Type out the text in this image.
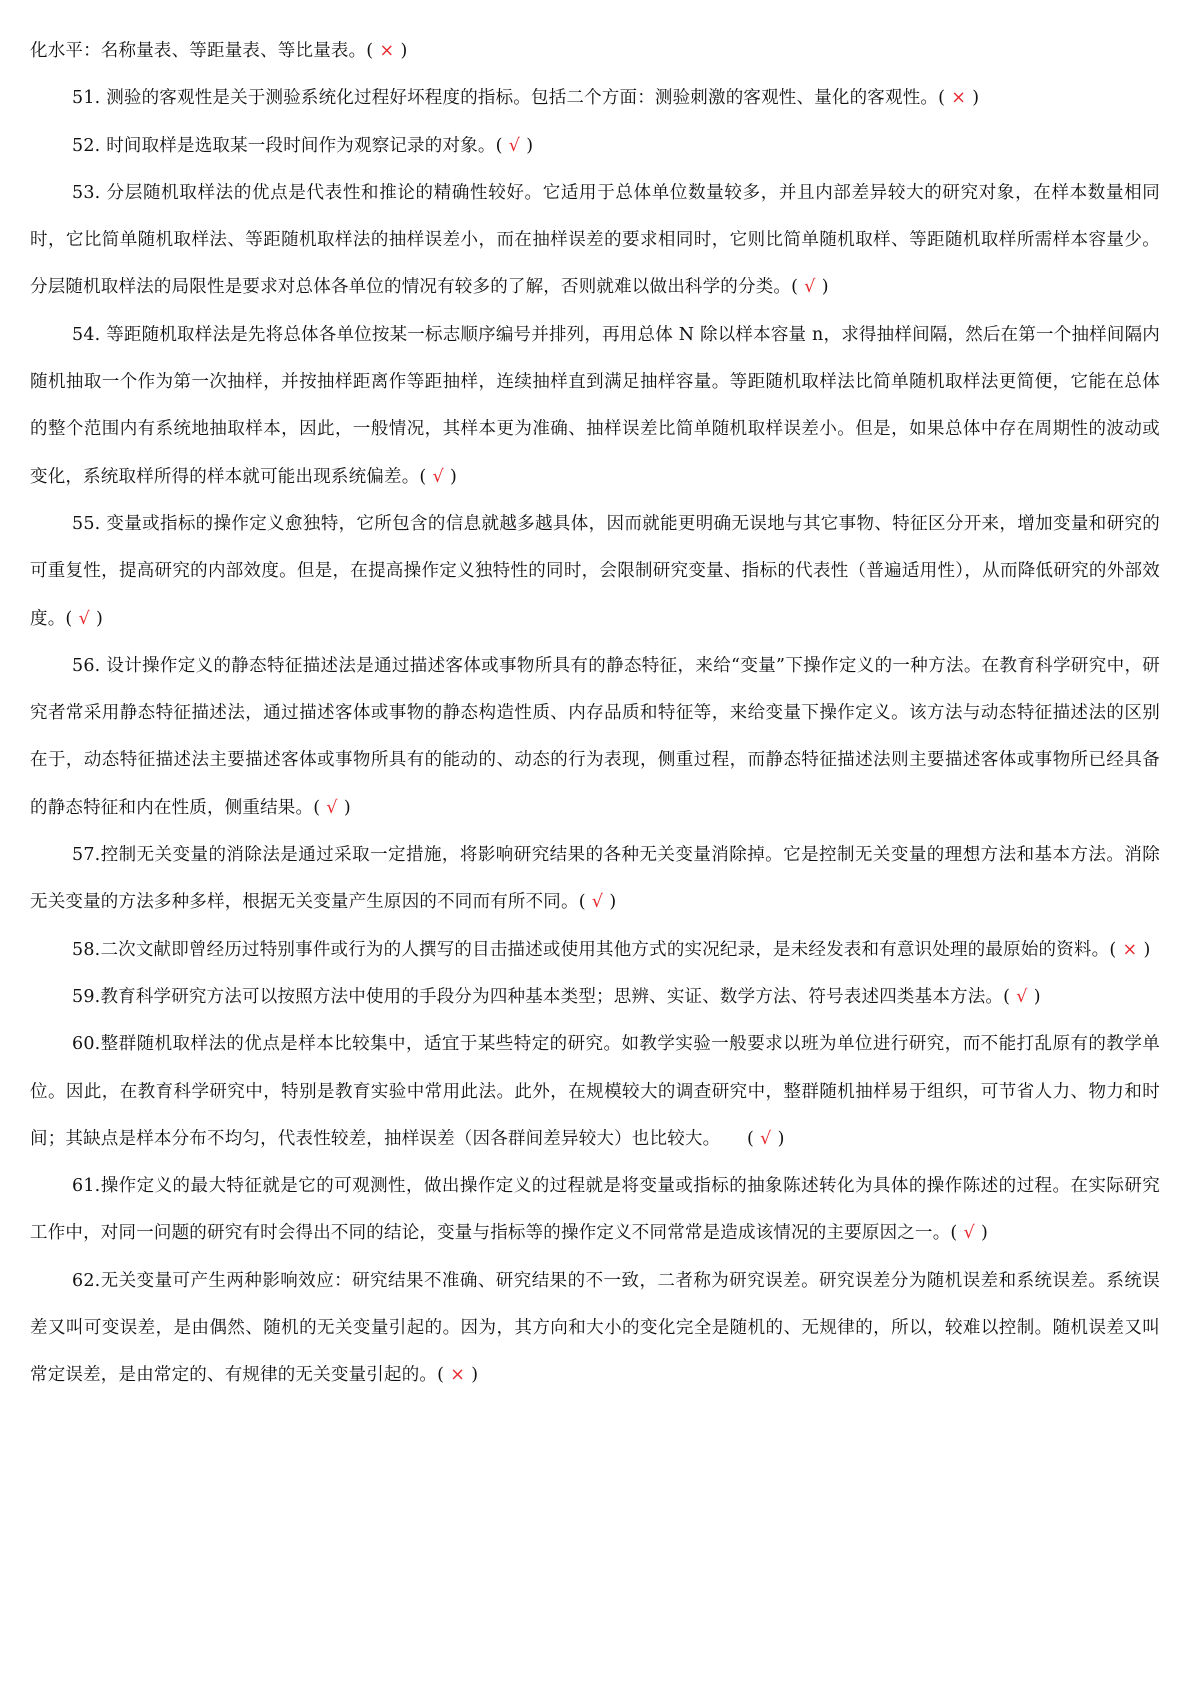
化水平：名称量表、等距量表、等比量表。( × )

51. 测验的客观性是关于测验系统化过程好坏程度的指标。包括二个方面：测验刺激的客观性、量化的客观性。( × )

52. 时间取样是选取某一段时间作为观察记录的对象。( √ )

53. 分层随机取样法的优点是代表性和推论的精确性较好。它适用于总体单位数量较多，并且内部差异较大的研究对象，在样本数量相同时，它比简单随机取样法、等距随机取样法的抽样误差小，而在抽样误差的要求相同时，它则比简单随机取样、等距随机取样所需样本容量少。分层随机取样法的局限性是要求对总体各单位的情况有较多的了解，否则就难以做出科学的分类。( √ )

54. 等距随机取样法是先将总体各单位按某一标志顺序编号并排列，再用总体 N 除以样本容量 n，求得抽样间隔，然后在第一个抽样间隔内随机抽取一个作为第一次抽样，并按抽样距离作等距抽样，连续抽样直到满足抽样容量。等距随机取样法比简单随机取样法更简便，它能在总体的整个范围内有系统地抽取样本，因此，一般情况，其样本更为准确、抽样误差比简单随机取样误差小。但是，如果总体中存在周期性的波动或变化，系统取样所得的样本就可能出现系统偏差。( √ )

55. 变量或指标的操作定义愈独特，它所包含的信息就越多越具体，因而就能更明确无误地与其它事物、特征区分开来，增加变量和研究的可重复性，提高研究的内部效度。但是，在提高操作定义独特性的同时，会限制研究变量、指标的代表性（普遍适用性），从而降低研究的外部效度。( √ )

56. 设计操作定义的静态特征描述法是通过描述客体或事物所具有的静态特征，来给“变量”下操作定义的一种方法。在教育科学研究中，研究者常采用静态特征描述法，通过描述客体或事物的静态构造性质、内存品质和特征等，来给变量下操作定义。该方法与动态特征描述法的区别在于，动态特征描述法主要描述客体或事物所具有的能动的、动态的行为表现，侧重过程，而静态特征描述法则主要描述客体或事物所已经具备的静态特征和内在性质，侧重结果。( √ )

57.控制无关变量的消除法是通过采取一定措施，将影响研究结果的各种无关变量消除掉。它是控制无关变量的理想方法和基本方法。消除无关变量的方法多种多样，根据无关变量产生原因的不同而有所不同。( √ )

58.二次文献即曾经历过特别事件或行为的人撰写的目击描述或使用其他方式的实况纪录，是未经发表和有意识处理的最原始的资料。( × )

59.教育科学研究方法可以按照方法中使用的手段分为四种基本类型；思辨、实证、数学方法、符号表述四类基本方法。( √ )

60.整群随机取样法的优点是样本比较集中，适宜于某些特定的研究。如教学实验一般要求以班为单位进行研究，而不能打乱原有的教学单位。因此，在教育科学研究中，特别是教育实验中常用此法。此外，在规模较大的调查研究中，整群随机抽样易于组织，可节省人力、物力和时间；其缺点是样本分布不均匀，代表性较差，抽样误差（因各群间差异较大）也比较大。　　( √ )

61.操作定义的最大特征就是它的可观测性，做出操作定义的过程就是将变量或指标的抽象陈述转化为具体的操作陈述的过程。在实际研究工作中，对同一问题的研究有时会得出不同的结论，变量与指标等的操作定义不同常常是造成该情况的主要原因之一。( √ )

62.无关变量可产生两种影响效应：研究结果不准确、研究结果的不一致，二者称为研究误差。研究误差分为随机误差和系统误差。系统误差又叫可变误差，是由偶然、随机的无关变量引起的。因为，其方向和大小的变化完全是随机的、无规律的，所以，较难以控制。随机误差又叫常定误差，是由常定的、有规律的无关变量引起的。( × )
